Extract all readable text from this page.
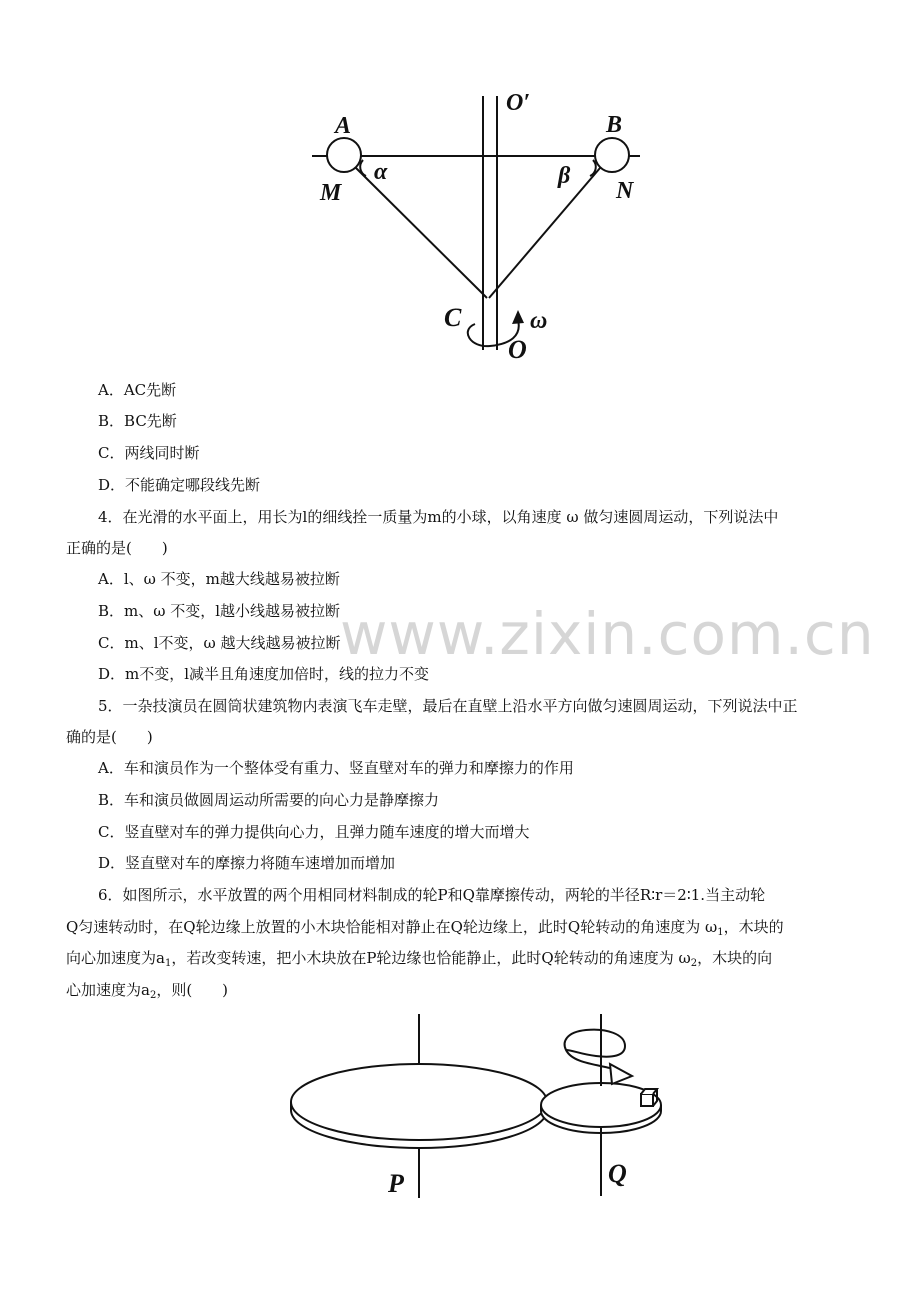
O′
A	B
M	N
α	β
C	ω
O
A．AC先断
B．BC先断
C．两线同时断
D．不能确定哪段线先断
4．在光滑的水平面上，用长为l的细线拴一质量为m的小球，以角速度 ω 做匀速圆周运动，下列说法中
正确的是(　　)
A．l、ω 不变，m越大线越易被拉断
B．m、ω 不变，l越小线越易被拉断
C．m、l不变，ω 越大线越易被拉断
D．m不变，l减半且角速度加倍时，线的拉力不变
5．一杂技演员在圆筒状建筑物内表演飞车走壁，最后在直壁上沿水平方向做匀速圆周运动，下列说法中正
确的是(　　)
A．车和演员作为一个整体受有重力、竖直壁对车的弹力和摩擦力的作用
B．车和演员做圆周运动所需要的向心力是静摩擦力
C．竖直壁对车的弹力提供向心力，且弹力随车速度的增大而增大
D．竖直壁对车的摩擦力将随车速增加而增加
6．如图所示，水平放置的两个用相同材料制成的轮P和Q靠摩擦传动，两轮的半径R∶r＝2∶1.当主动轮
Q匀速转动时，在Q轮边缘上放置的小木块恰能相对静止在Q轮边缘上，此时Q轮转动的角速度为 $\omega_1$，木块的
向心加速度为$a_1$，若改变转速，把小木块放在P轮边缘也恰能静止，此时Q轮转动的角速度为 $\omega_2$，木块的向
心加速度为$a_2$，则(　　)
P	Q
www.zixin.com.cn
